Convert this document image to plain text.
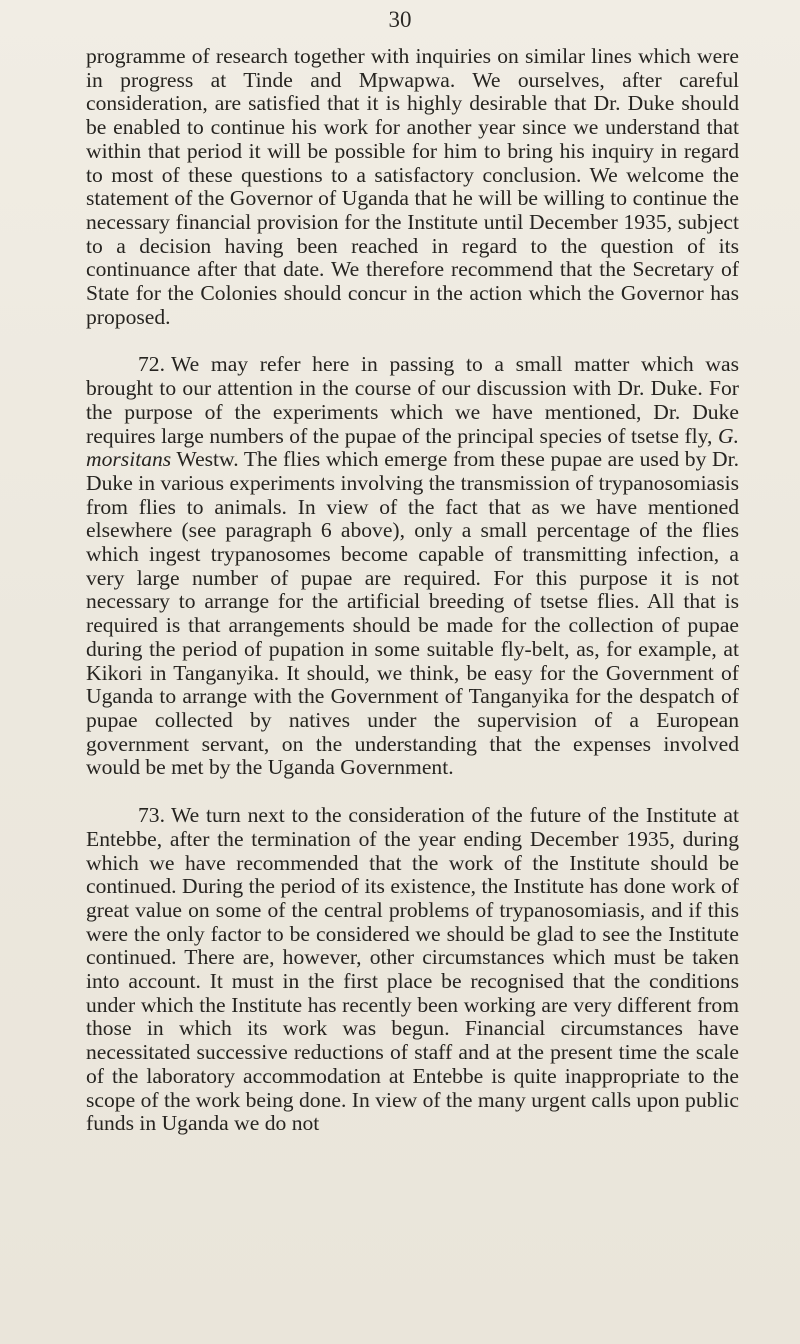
30

programme of research together with inquiries on similar lines which were in progress at Tinde and Mpwapwa. We ourselves, after careful consideration, are satisfied that it is highly desirable that Dr. Duke should be enabled to continue his work for another year since we understand that within that period it will be possible for him to bring his inquiry in regard to most of these questions to a satisfactory conclusion. We welcome the statement of the Governor of Uganda that he will be willing to continue the necessary financial provision for the Institute until December 1935, subject to a decision having been reached in regard to the question of its continuance after that date. We therefore recommend that the Secretary of State for the Colonies should concur in the action which the Governor has proposed.

72. We may refer here in passing to a small matter which was brought to our attention in the course of our discussion with Dr. Duke. For the purpose of the experiments which we have mentioned, Dr. Duke requires large numbers of the pupae of the principal species of tsetse fly, G. morsitans Westw. The flies which emerge from these pupae are used by Dr. Duke in various experiments involving the transmission of trypanosomiasis from flies to animals. In view of the fact that as we have mentioned elsewhere (see paragraph 6 above), only a small percentage of the flies which ingest trypanosomes become capable of transmitting infection, a very large number of pupae are required. For this purpose it is not necessary to arrange for the artificial breeding of tsetse flies. All that is required is that arrangements should be made for the collection of pupae during the period of pupation in some suitable fly-belt, as, for example, at Kikori in Tanganyika. It should, we think, be easy for the Government of Uganda to arrange with the Government of Tanganyika for the despatch of pupae collected by natives under the supervision of a European government servant, on the understanding that the expenses involved would be met by the Uganda Government.

73. We turn next to the consideration of the future of the Institute at Entebbe, after the termination of the year ending December 1935, during which we have recommended that the work of the Institute should be continued. During the period of its existence, the Institute has done work of great value on some of the central problems of trypanosomiasis, and if this were the only factor to be considered we should be glad to see the Institute continued. There are, however, other circumstances which must be taken into account. It must in the first place be recognised that the conditions under which the Institute has recently been working are very different from those in which its work was begun. Financial circumstances have necessitated successive reductions of staff and at the present time the scale of the laboratory accommodation at Entebbe is quite inappropriate to the scope of the work being done. In view of the many urgent calls upon public funds in Uganda we do not
